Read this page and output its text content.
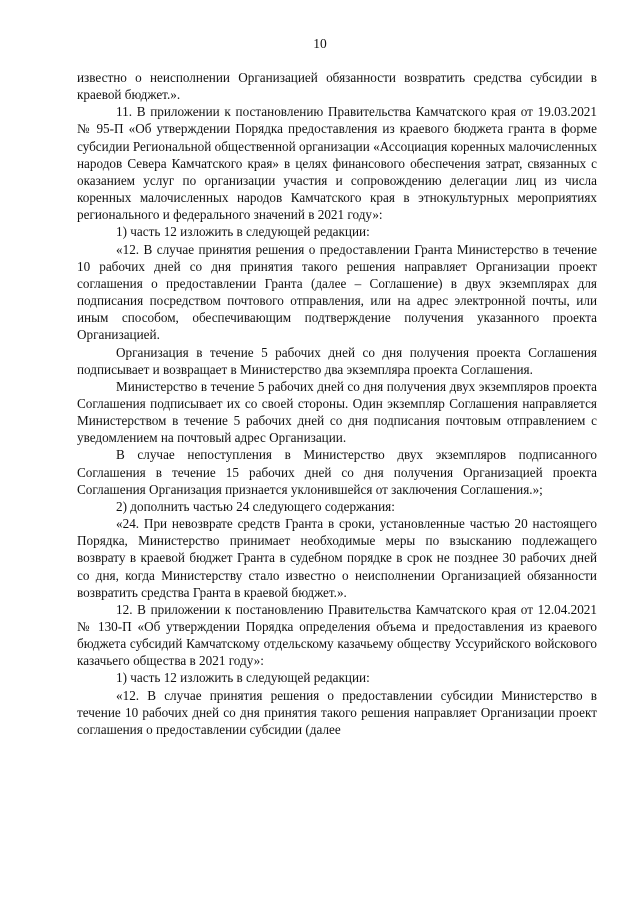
10

известно о неисполнении Организацией обязанности возвратить средства субсидии в краевой бюджет.».

11. В приложении к постановлению Правительства Камчатского края от 19.03.2021 № 95-П «Об утверждении Порядка предоставления из краевого бюджета гранта в форме субсидии Региональной общественной организации «Ассоциация коренных малочисленных народов Севера Камчатского края» в целях финансового обеспечения затрат, связанных с оказанием услуг по организации участия и сопровождению делегации лиц из числа коренных малочисленных народов Камчатского края в этнокультурных мероприятиях регионального и федерального значений в 2021 году»:

1) часть 12 изложить в следующей редакции:

«12. В случае принятия решения о предоставлении Гранта Министерство в течение 10 рабочих дней со дня принятия такого решения направляет Организации проект соглашения о предоставлении Гранта (далее – Соглашение) в двух экземплярах для подписания посредством почтового отправления, или на адрес электронной почты, или иным способом, обеспечивающим подтверждение получения указанного проекта Организацией.

Организация в течение 5 рабочих дней со дня получения проекта Соглашения подписывает и возвращает в Министерство два экземпляра проекта Соглашения.

Министерство в течение 5 рабочих дней со дня получения двух экземпляров проекта Соглашения подписывает их со своей стороны. Один экземпляр Соглашения направляется Министерством в течение 5 рабочих дней со дня подписания почтовым отправлением с уведомлением на почтовый адрес Организации.

В случае непоступления в Министерство двух экземпляров подписанного Соглашения в течение 15 рабочих дней со дня получения Организацией проекта Соглашения Организация признается уклонившейся от заключения Соглашения.»;

2) дополнить частью 24 следующего содержания:

«24. При невозврате средств Гранта в сроки, установленные частью 20 настоящего Порядка, Министерство принимает необходимые меры по взысканию подлежащего возврату в краевой бюджет Гранта в судебном порядке в срок не позднее 30 рабочих дней со дня, когда Министерству стало известно о неисполнении Организацией обязанности возвратить средства Гранта в краевой бюджет.».

12. В приложении к постановлению Правительства Камчатского края от 12.04.2021 № 130-П «Об утверждении Порядка определения объема и предоставления из краевого бюджета субсидий Камчатскому отдельскому казачьему обществу Уссурийского войскового казачьего общества в 2021 году»:

1) часть 12 изложить в следующей редакции:

«12. В случае принятия решения о предоставлении субсидии Министерство в течение 10 рабочих дней со дня принятия такого решения направляет Организации проект соглашения о предоставлении субсидии (далее
